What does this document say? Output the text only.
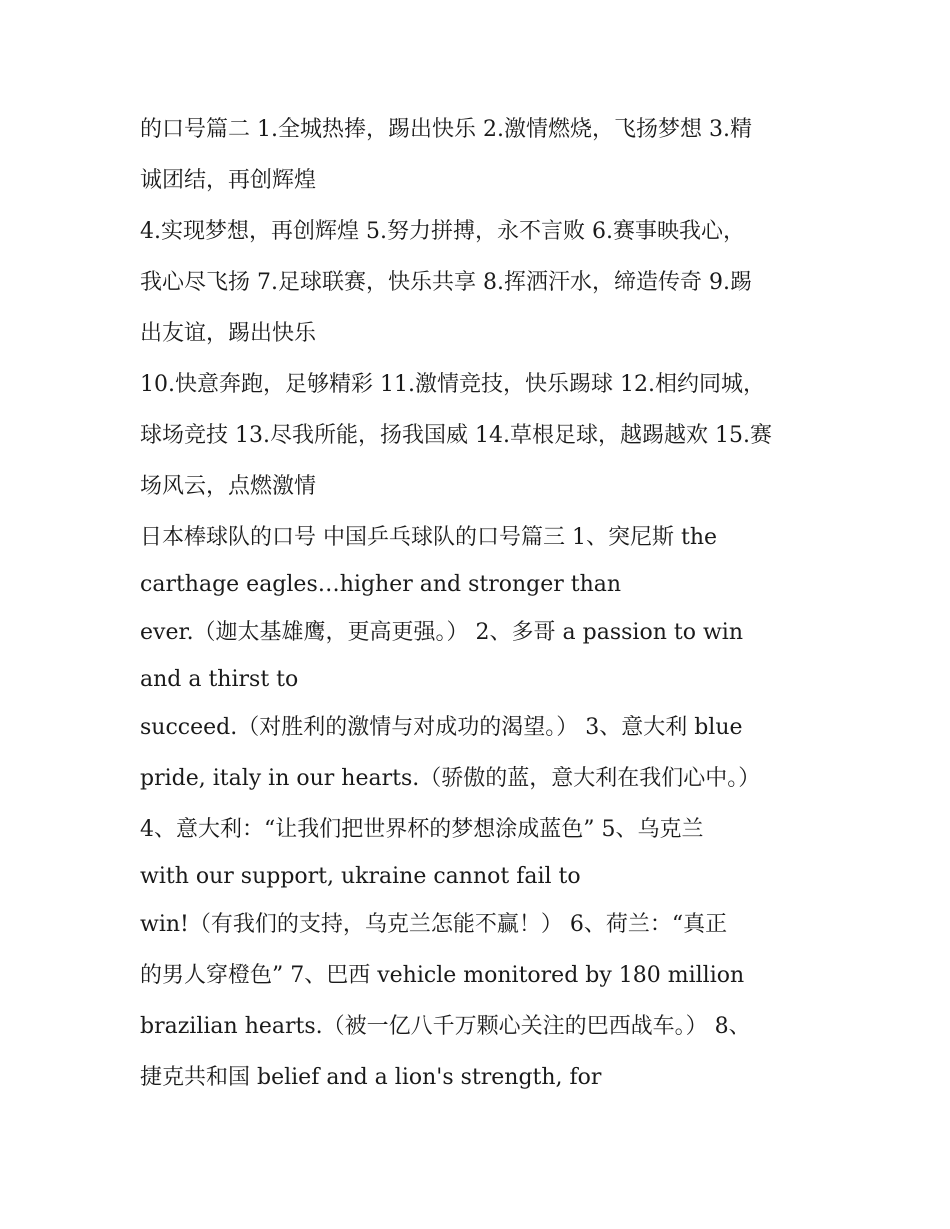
的口号篇二 1.全城热捧，踢出快乐 2.激情燃烧，飞扬梦想 3.精
诚团结，再创辉煌
4.实现梦想，再创辉煌 5.努力拼搏，永不言败 6.赛事映我心，
我心尽飞扬 7.足球联赛，快乐共享 8.挥洒汗水，缔造传奇 9.踢
出友谊，踢出快乐
10.快意奔跑，足够精彩 11.激情竞技，快乐踢球 12.相约同城，
球场竞技 13.尽我所能，扬我国威 14.草根足球，越踢越欢 15.赛
场风云，点燃激情
日本棒球队的口号 中国乒乓球队的口号篇三 1、突尼斯 the
carthage eagles…higher and stronger than
ever.（迦太基雄鹰，更高更强。） 2、多哥 a passion to win
and a thirst to
succeed.（对胜利的激情与对成功的渴望。） 3、意大利 blue
pride, italy in our hearts.（骄傲的蓝，意大利在我们心中。）
4、意大利：“让我们把世界杯的梦想涂成蓝色” 5、乌克兰
with our support, ukraine cannot fail to
win!（有我们的支持，乌克兰怎能不赢！） 6、荷兰：“真正
的男人穿橙色” 7、巴西 vehicle monitored by 180 million
brazilian hearts.（被一亿八千万颗心关注的巴西战车。） 8、
捷克共和国 belief and a lion's strength, for
